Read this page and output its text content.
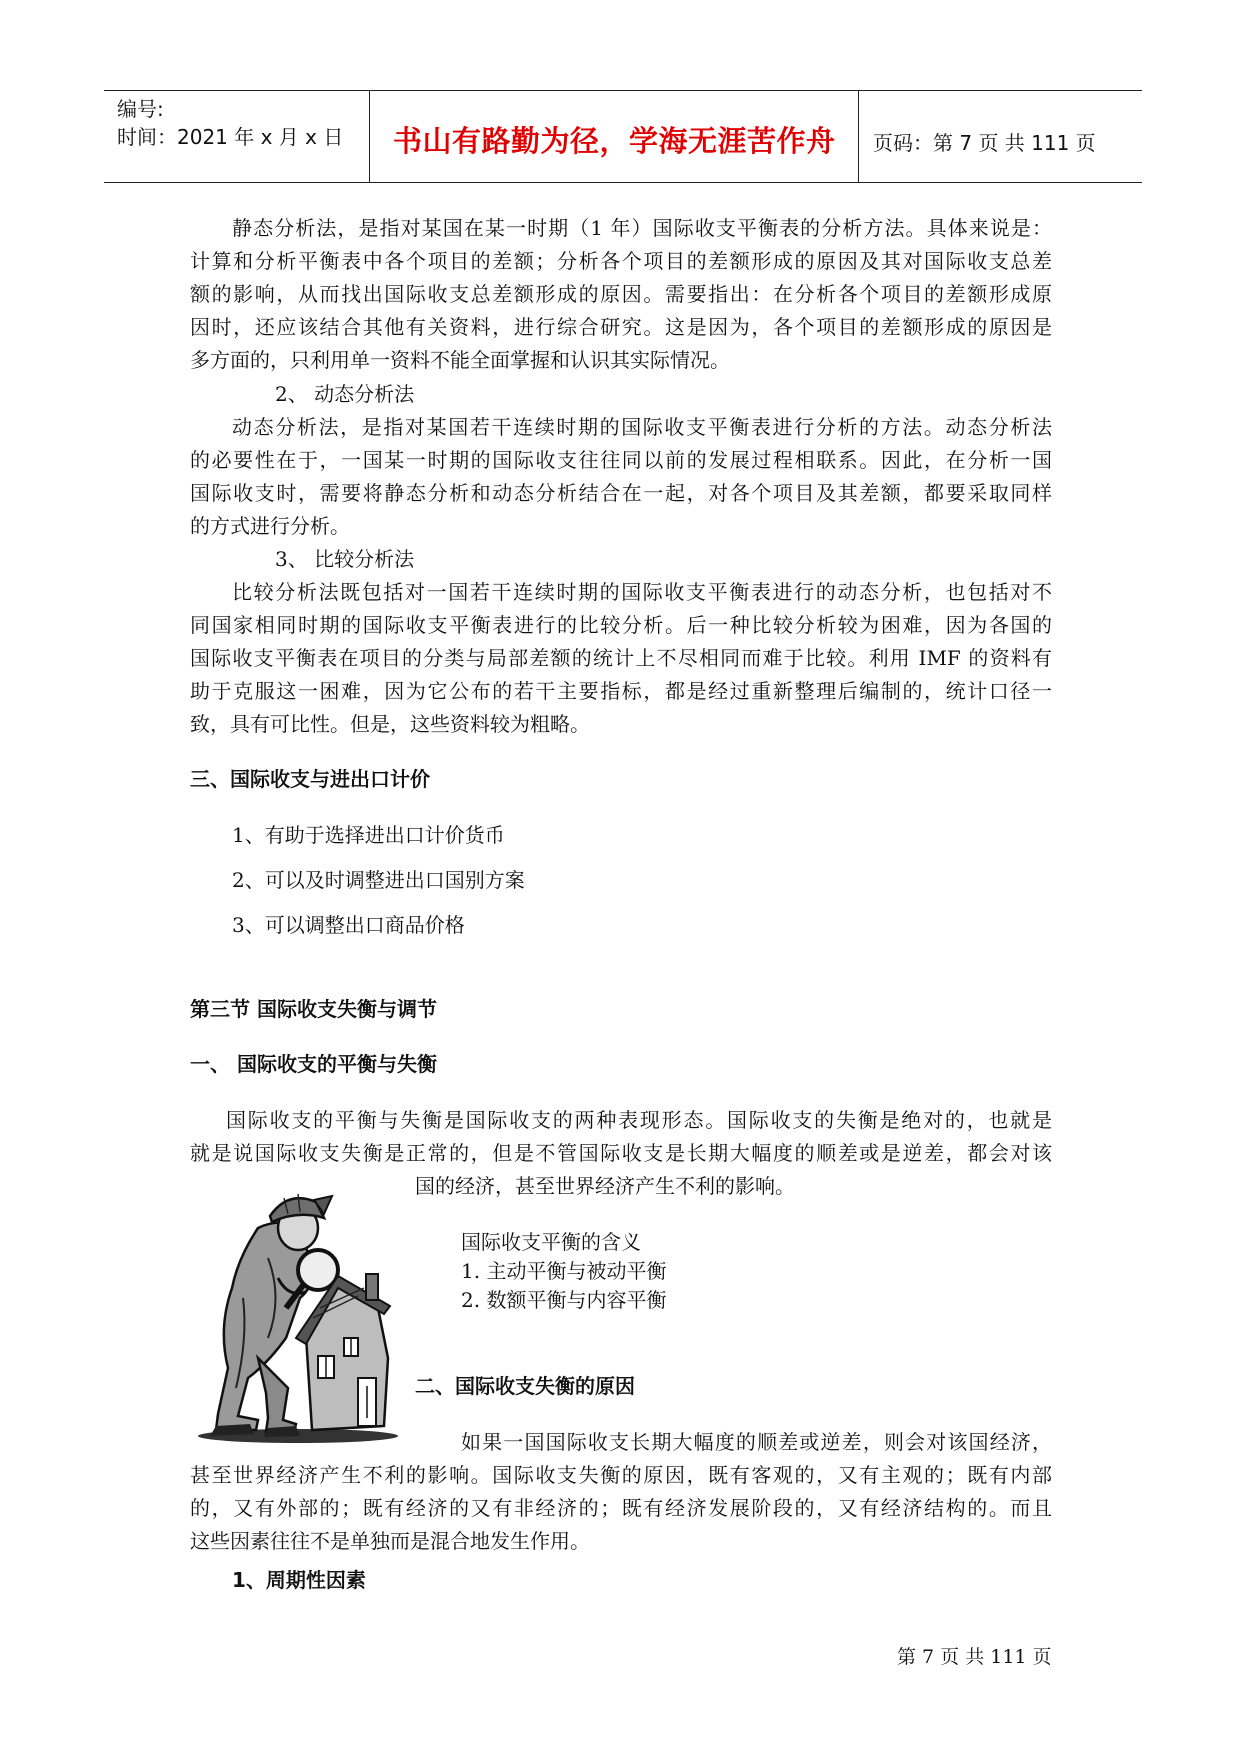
编号:
时间：2021 年 x 月 x 日 书山有路勤为径，学海无涯苦作舟 页码：第 7 页 共 111 页
静态分析法，是指对某国在某一时期（1 年）国际收支平衡表的分析方法。具体来说是：
计算和分析平衡表中各个项目的差额；分析各个项目的差额形成的原因及其对国际收支总差
额的影响，从而找出国际收支总差额形成的原因。需要指出：在分析各个项目的差额形成原
因时，还应该结合其他有关资料，进行综合研究。这是因为，各个项目的差额形成的原因是
多方面的，只利用单一资料不能全面掌握和认识其实际情况。
2、 动态分析法
动态分析法，是指对某国若干连续时期的国际收支平衡表进行分析的方法。动态分析法
的必要性在于，一国某一时期的国际收支往往同以前的发展过程相联系。因此，在分析一国
国际收支时，需要将静态分析和动态分析结合在一起，对各个项目及其差额，都要采取同样
的方式进行分析。
3、 比较分析法
比较分析法既包括对一国若干连续时期的国际收支平衡表进行的动态分析，也包括对不
同国家相同时期的国际收支平衡表进行的比较分析。后一种比较分析较为困难，因为各国的
国际收支平衡表在项目的分类与局部差额的统计上不尽相同而难于比较。利用 IMF 的资料有
助于克服这一困难，因为它公布的若干主要指标，都是经过重新整理后编制的，统计口径一
致，具有可比性。但是，这些资料较为粗略。
三、国际收支与进出口计价
1、有助于选择进出口计价货币
2、可以及时调整进出口国别方案
3、可以调整出口商品价格
第三节 国际收支失衡与调节
一、 国际收支的平衡与失衡
国际收支的平衡与失衡是国际收支的两种表现形态。国际收支的失衡是绝对的，也就是
就是说国际收支失衡是正常的，但是不管国际收支是长期大幅度的顺差或是逆差，都会对该
国的经济，甚至世界经济产生不利的影响。
国际收支平衡的含义
1. 主动平衡与被动平衡
2. 数额平衡与内容平衡
二、国际收支失衡的原因
如果一国国际收支长期大幅度的顺差或逆差，则会对该国经济，
甚至世界经济产生不利的影响。国际收支失衡的原因，既有客观的，又有主观的；既有内部
的，又有外部的；既有经济的又有非经济的；既有经济发展阶段的，又有经济结构的。而且
这些因素往往不是单独而是混合地发生作用。
1、周期性因素
第 7 页 共 111 页
